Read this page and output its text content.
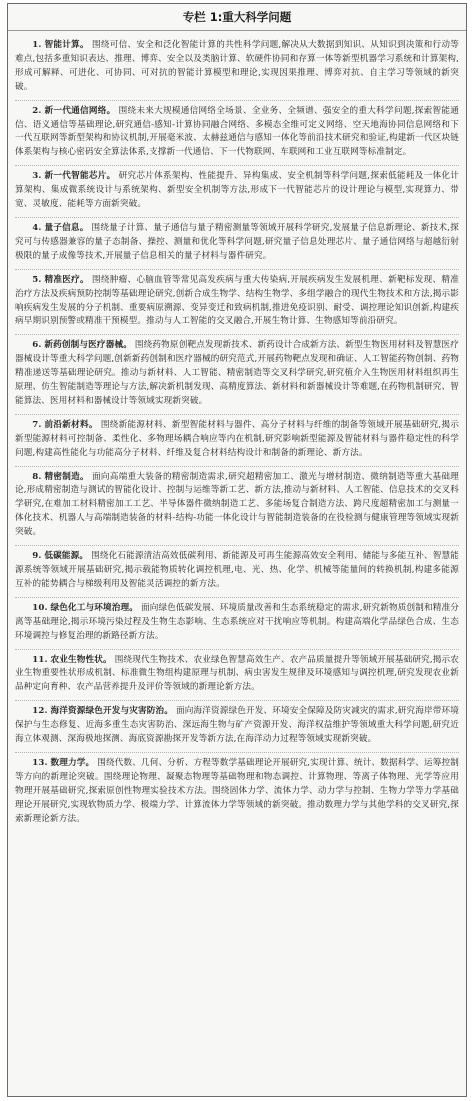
专栏 1:重大科学问题

1. 智能计算。 围绕可信、安全和泛化智能计算的共性科学问题,解决从大数据到知识、从知识到决策和行动等难点,包括多重知识表达、推理、博弈、安全以及类脑计算、软硬件协同和存算一体等新型机器学习系统和计算架构,形成可解释、可进化、可协同、可对抗的智能计算模型和理论,实现因果推理、博弈对抗、自主学习等领域的新突破。

2. 新一代通信网络。 围绕未来大规模通信网络全场景、全业务、全频谱、强安全的重大科学问题,探索智能通信、语义通信等基础理论,研究通信-感知-计算协同融合网络、多模态全维可定义网络、空天地海协同信息网络和下一代互联网等新型架构和协议机制,开展毫米波、太赫兹通信与感知一体化等前沿技术研究和验证,构建新一代区块链体系架构与核心密码安全算法体系,支撑新一代通信、下一代物联网、车联网和工业互联网等标准制定。

3. 新一代智能芯片。 研究芯片体系架构、性能提升、异构集成、安全机制等科学问题,探索低能耗及一体化计算架构、集成微系统设计与系统架构、新型安全机制等方法,形成下一代智能芯片的设计理论与模型,实现算力、带宽、灵敏度、能耗等方面新突破。

4. 量子信息。 围绕量子计算、量子通信与量子精密测量等领域开展科学研究,发展量子信息新理论、新技术,探究可与传感器兼容的量子态制备、操控、测量和优化等科学问题,研究量子信息处理芯片、量子通信网络与超越衍射极限的量子成像等技术,开展量子信息相关的量子材料与器件研究。

5. 精准医疗。 围绕肿瘤、心脑血管等常见高发疾病与重大传染病,开展疾病发生发展机理、新靶标发现、精准治疗方法及疾病预防控制等基础理论研究,创新合成生物学、结构生物学、多组学融合的现代生物技术和方法,揭示影响疾病发生发展的分子机制、重要病原溯源、变异变迁和致病机制,推进免疫识别、耐受、调控理论知识创新,构建疾病早期识别预警或精准干预模型。推动与人工智能的交叉融合,开展生物计算、生物感知等前沿研究。

6. 新药创制与医疗器械。 围绕药物原创靶点发现新技术、新药设计合成新方法、新型生物医用材料及智慧医疗器械设计等重大科学问题,创新新药创制和医疗器械的研究范式,开展药物靶点发现和确证、人工智能药物创制、药物精准递送等基础理论研究。推动与新材料、人工智能、精密制造等交叉科学研究,研究植介入生物医用材料组织再生原理、仿生智能制造等理论与方法,解决新机制发现、高精度算法、新材料和新器械设计等难题,在药物机制研究、智能算法、医用材料和器械设计等领域实现新突破。

7. 前沿新材料。 围绕新能源材料、新型智能材料与器件、高分子材料与纤维的制备等领域开展基础研究,揭示新型能源材料可控制备、柔性化、多物理场耦合响应等内在机制,研究影响新型能源及智能材料与器件稳定性的科学问题,构建高性能化与功能高分子材料、纤维及复合材料结构设计和制备的新理论、新方法。

8. 精密制造。 面向高端重大装备的精密制造需求,研究超精密加工、激光与增材制造、微纳制造等重大基础理论,形成精密制造与测试的智能化设计、控制与运维等新工艺、新方法,推动与新材料、人工智能、信息技术的交叉科学研究,在难加工材料精密加工工艺、半导体器件微纳制造工艺、多能场复合制造方法、跨尺度超精密加工与测量一体化技术、机器人与高端制造装备的材料-结构-功能一体化设计与智能制造装备的在役检测与健康管理等领域实现新突破。

9. 低碳能源。 围绕化石能源清洁高效低碳利用、新能源及可再生能源高效安全利用、储能与多能互补、智慧能源系统等领域开展基础研究,揭示载能物质转化调控机理,电、光、热、化学、机械等能量间的转换机制,构建多能源互补的能势耦合与梯级利用及智能灵活调控的新方法。

10. 绿色化工与环境治理。 面向绿色低碳发展、环境质量改善和生态系统稳定的需求,研究新物质创制和精准分离等基础理论,揭示环境污染过程及生物生态影响、生态系统应对干扰响应等机制。构建高端化学品绿色合成、生态环境调控与修复治理的新路径新方法。

11. 农业生物性状。 围绕现代生物技术、农业绿色智慧高效生产、农产品质量提升等领域开展基础研究,揭示农业生物重要性状形成机制、标准微生物组构建原理与机制、病虫害发生规律及环境感知与调控机理,研究发现农业新品种定向育种、农产品营养提升及评价等领域的新理论新方法。

12. 海洋资源绿色开发与灾害防治。 面向海洋资源绿色开发、环境安全保障及防灾减灾的需求,研究海岸带环境保护与生态修复、近海多重生态灾害防治、深远海生物与矿产资源开发、海洋权益维护等领域重大科学问题,研究近海立体观测、深海极地探测、海底资源勘探开发等新方法,在海洋动力过程等领域实现新突破。

13. 数理力学。 围绕代数、几何、分析、方程等数学基础理论开展研究,实现计算、统计、数据科学、运筹控制等方向的新理论突破。围绕理论物理、凝聚态物理等基础物理和物态调控、计算物理、等离子体物理、光学等应用物理开展基础研究,探索原创性物理实验技术方法。围绕固体力学、流体力学、动力学与控制、生物力学等力学基础理论开展研究,实现软物质力学、极端力学、计算流体力学等领域的新突破。推动数理力学与其他学科的交叉研究,探索新理论新方法。
